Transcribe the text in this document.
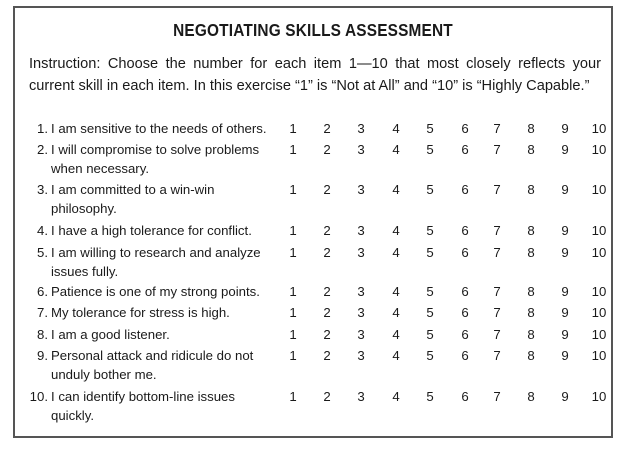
NEGOTIATING SKILLS ASSESSMENT
Instruction: Choose the number for each item 1—10 that most closely reflects your current skill in each item. In this exercise “1” is “Not at All” and “10” is “Highly Capable.”
1. I am sensitive to the needs of others.	1	2	3	4	5	6	7	8	9	10
2. I will compromise to solve problems when necessary.
1	2	3	4	5	6	7	8	9	10
3. I am committed to a win-win philosophy.
1	2	3	4	5	6	7	8	9	10
4. I have a high tolerance for conflict.	1	2	3	4	5	6	7	8	9	10
5. I am willing to research and analyze issues fully.
1	2	3	4	5	6	7	8	9	10
6. Patience is one of my strong points.	1	2	3	4	5	6	7	8	9	10
7. My tolerance for stress is high.	1	2	3	4	5	6	7	8	9	10
8. I am a good listener.	1	2	3	4	5	6	7	8	9	10
9. Personal attack and ridicule do not unduly bother me.
1	2	3	4	5	6	7	8	9	10
10. I can identify bottom-line issues quickly.
1	2	3	4	5	6	7	8	9	10
